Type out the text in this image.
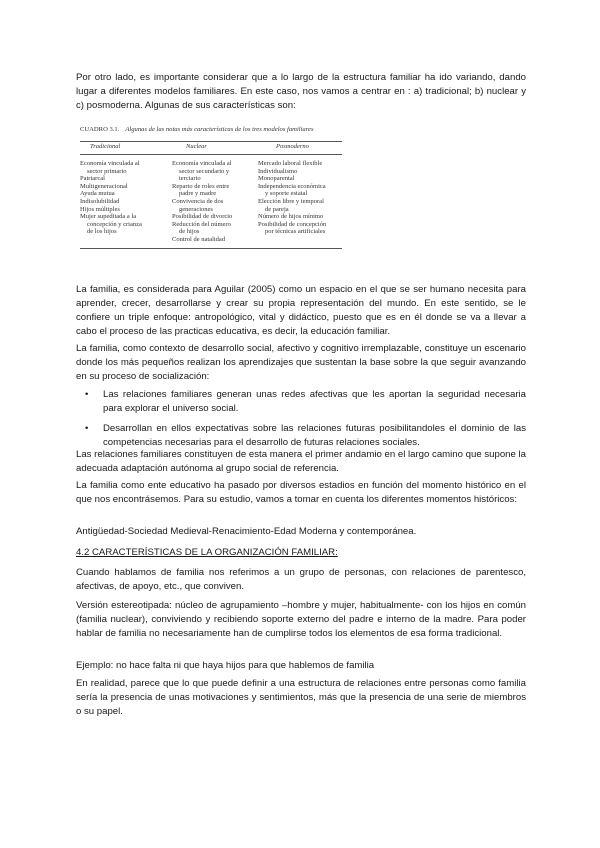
Por otro lado, es importante considerar que a lo largo de la estructura familiar ha ido variando, dando lugar a diferentes modelos familiares. En este caso, nos vamos a centrar en : a) tradicional; b) nuclear y c) posmoderna. Algunas de sus características son:

CUADRO 3.1. Algunas de las notas más características de los tres modelos familiares
Tradicional	Nuclear	Posmoderno
Economía vinculada al
sector primario
Patriarcal
Multigeneracional
Ayuda mutua
Indisolubilidad
Hijos múltiples
Mujer supeditada a la
concepción y crianza
de los hijos
Economía vinculada al
sector secundario y
terciario
Reparto de roles entre
padre y madre
Convivencia de dos
generaciones
Posibilidad de divorcio
Reducción del número
de hijos
Control de natalidad
Mercado laboral flexible
Individualismo
Monoparental
Independencia económica
y soporte estatal
Elección libre y temporal
de pareja
Número de hijos mínimo
Posibilidad de concepción
por técnicas artificiales

La familia, es considerada para Aguilar (2005) como un espacio en el que se ser humano necesita para aprender, crecer, desarrollarse y crear su propia representación del mundo. En este sentido, se le confiere un triple enfoque: antropológico, vital y didáctico, puesto que es en él donde se va a llevar a cabo el proceso de las practicas educativa, es decir, la educación familiar.

La familia, como contexto de desarrollo social, afectivo y cognitivo irremplazable, constituye un escenario donde los más pequeños realizan los aprendizajes que sustentan la base sobre la que seguir avanzando en su proceso de socialización:

• Las relaciones familiares generan unas redes afectivas que les aportan la seguridad necesaria para explorar el universo social.
• Desarrollan en ellos expectativas sobre las relaciones futuras posibilitandoles el dominio de las competencias necesarias para el desarrollo de futuras relaciones sociales.

Las relaciones familiares constituyen de esta manera el primer andamio en el largo camino que supone la adecuada adaptación autónoma al grupo social de referencia.

La familia como ente educativo ha pasado por diversos estadios en función del momento histórico en el que nos encontrásemos. Para su estudio, vamos a tomar en cuenta los diferentes momentos históricos:

Antigüedad-Sociedad Medieval-Renacimiento-Edad Moderna y contemporánea.

4.2 CARACTERÍSTICAS DE LA ORGANIZACIÓN FAMILIAR:

Cuando hablamos de familia nos referimos a un grupo de personas, con relaciones de parentesco, afectivas, de apoyo, etc., que conviven.

Versión estereotipada: núcleo de agrupamiento –hombre y mujer, habitualmente- con los hijos en común (familia nuclear), conviviendo y recibiendo soporte externo del padre e interno de la madre. Para poder hablar de familia no necesariamente han de cumplirse todos los elementos de esa forma tradicional.

Ejemplo: no hace falta ni que haya hijos para que hablemos de familia

En realidad, parece que lo que puede definir a una estructura de relaciones entre personas como familia sería la presencia de unas motivaciones y sentimientos, más que la presencia de una serie de miembros o su papel.
